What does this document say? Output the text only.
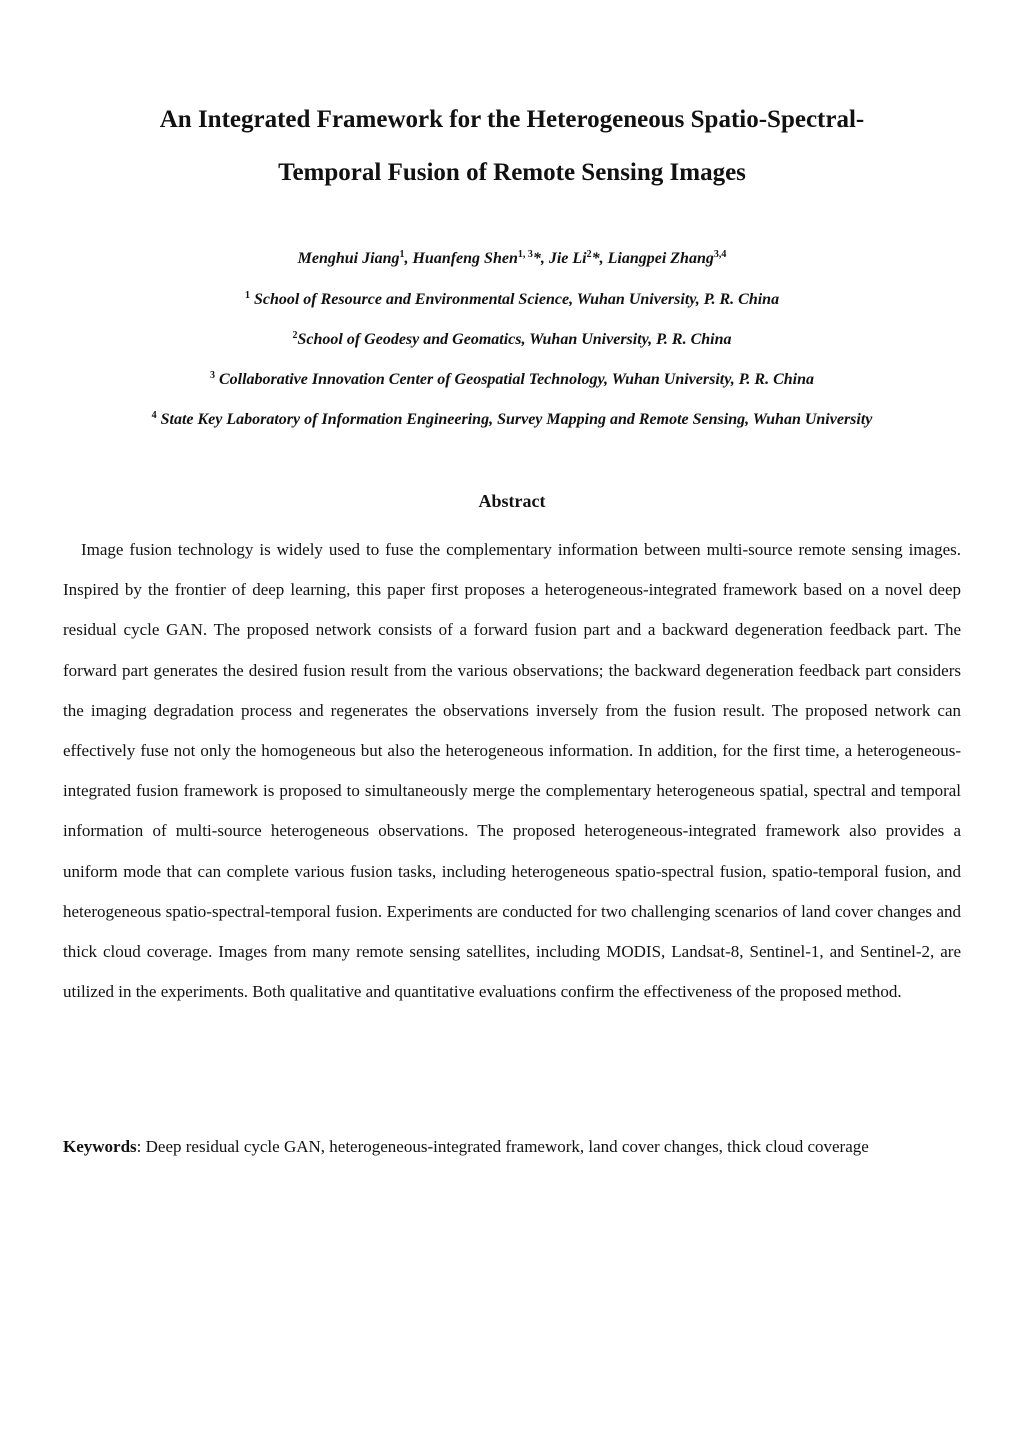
An Integrated Framework for the Heterogeneous Spatio-Spectral-
Temporal Fusion of Remote Sensing Images
Menghui Jiang$^1$, Huanfeng Shen$^{1, 3}$*, Jie Li$^2$*, Liangpei Zhang$^{3,4}$
$^1$ School of Resource and Environmental Science, Wuhan University, P. R. China
$^2$School of Geodesy and Geomatics, Wuhan University, P. R. China
$^3$ Collaborative Innovation Center of Geospatial Technology, Wuhan University, P. R. China
$^4$ State Key Laboratory of Information Engineering, Survey Mapping and Remote Sensing, Wuhan University
Abstract

Image fusion technology is widely used to fuse the complementary information between multi-source remote sensing images. Inspired by the frontier of deep learning, this paper first proposes a heterogeneous-integrated framework based on a novel deep residual cycle GAN. The proposed network consists of a forward fusion part and a backward degeneration feedback part. The forward part generates the desired fusion result from the various observations; the backward degeneration feedback part considers the imaging degradation process and regenerates the observations inversely from the fusion result. The proposed network can effectively fuse not only the homogeneous but also the heterogeneous information. In addition, for the first time, a heterogeneous-integrated fusion framework is proposed to simultaneously merge the complementary heterogeneous spatial, spectral and temporal information of multi-source heterogeneous observations. The proposed heterogeneous-integrated framework also provides a uniform mode that can complete various fusion tasks, including heterogeneous spatio-spectral fusion, spatio-temporal fusion, and heterogeneous spatio-spectral-temporal fusion. Experiments are conducted for two challenging scenarios of land cover changes and thick cloud coverage. Images from many remote sensing satellites, including MODIS, Landsat-8, Sentinel-1, and Sentinel-2, are utilized in the experiments. Both qualitative and quantitative evaluations confirm the effectiveness of the proposed method.

Keywords: Deep residual cycle GAN, heterogeneous-integrated framework, land cover changes, thick cloud coverage
